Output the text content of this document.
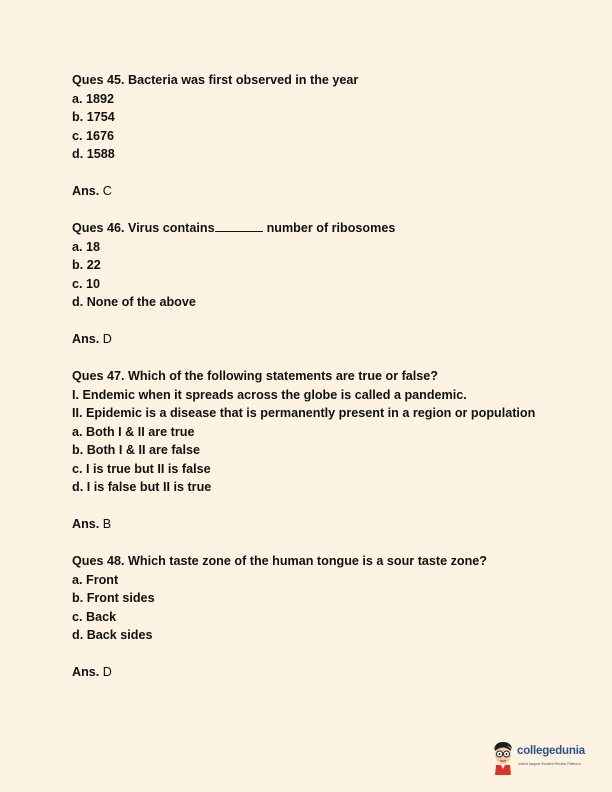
Ques 45. Bacteria was first observed in the year
a. 1892
b. 1754
c. 1676
d. 1588
Ans. C
Ques 46. Virus contains	number of ribosomes
a. 18
b. 22
c. 10
d. None of the above
Ans. D
Ques 47. Which of the following statements are true or false?
I. Endemic when it spreads across the globe is called a pandemic.
II. Epidemic is a disease that is permanently present in a region or population
a. Both I & II are true
b. Both I & II are false
c. I is true but II is false
d. I is false but II is true
Ans. B
Ques 48. Which taste zone of the human tongue is a sour taste zone?
a. Front
b. Front sides
c. Back
d. Back sides
Ans. D
collegedunia
India's largest Student Review Platform
